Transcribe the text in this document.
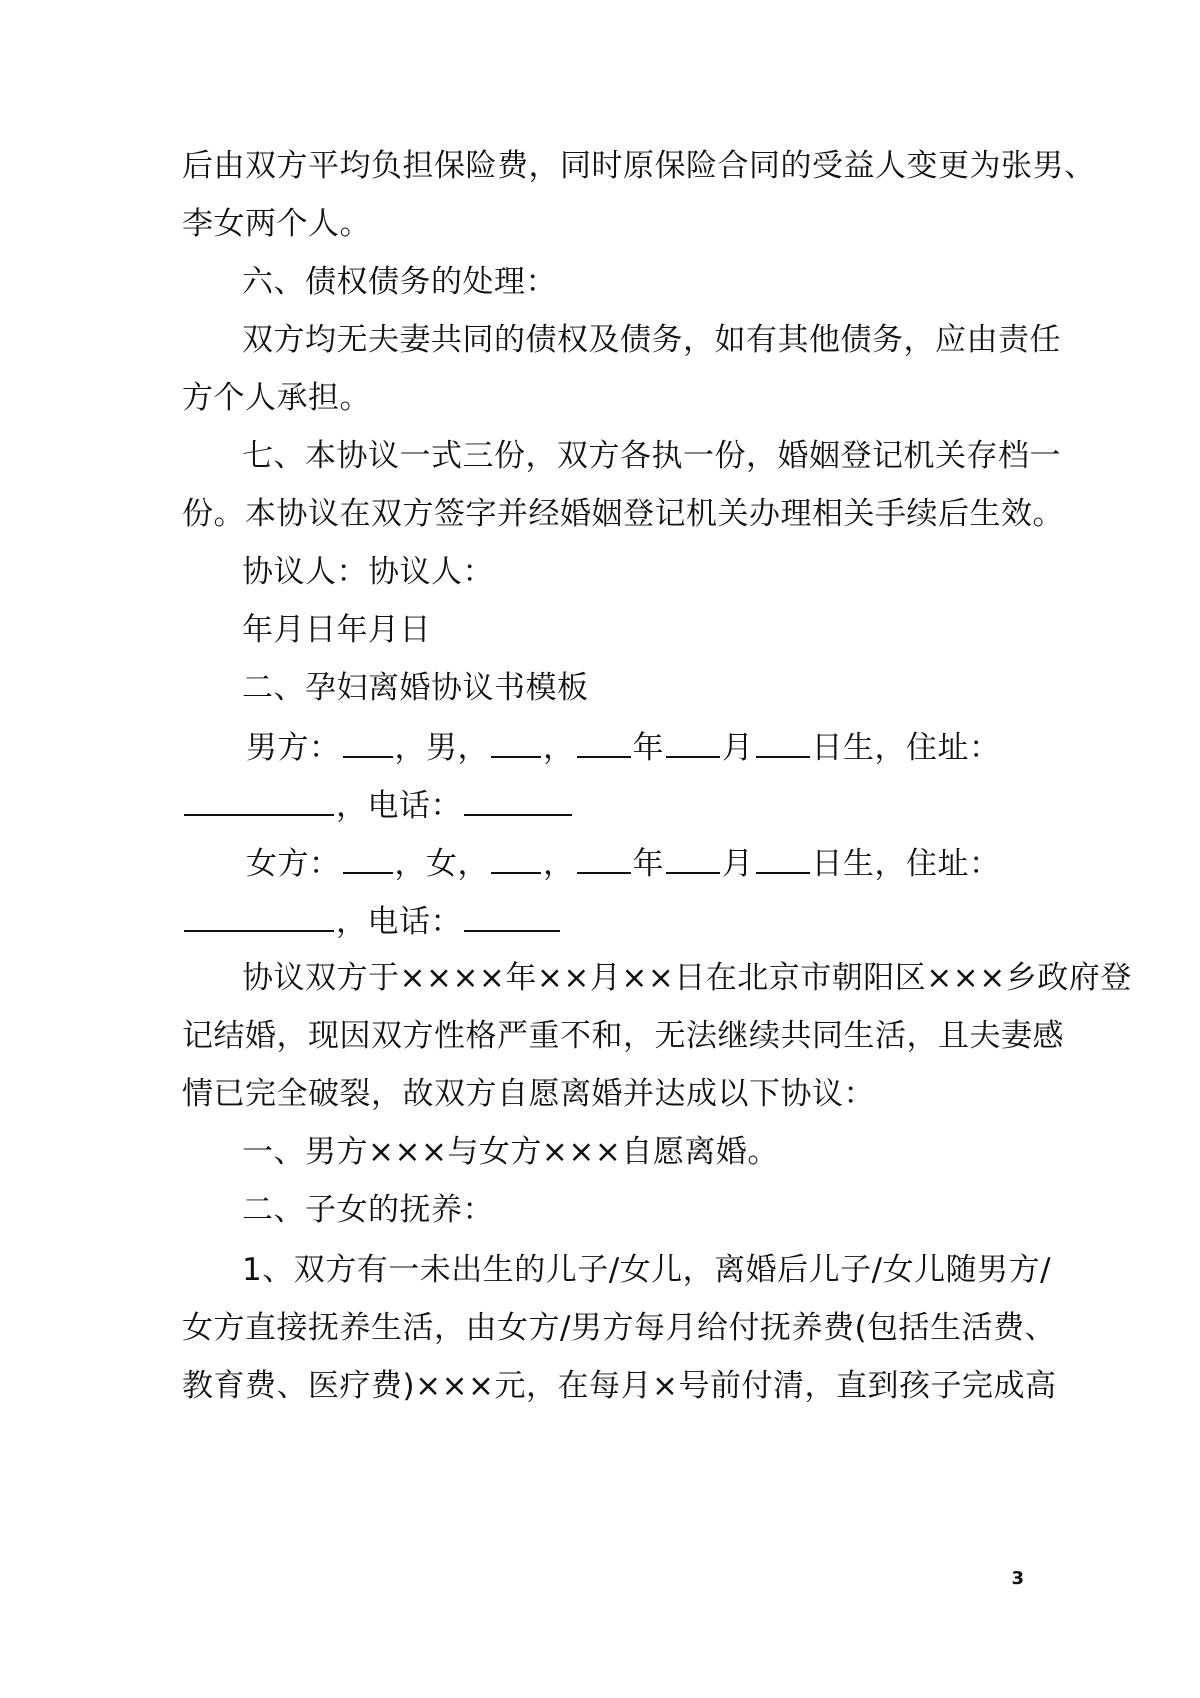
后由双方平均负担保险费，同时原保险合同的受益人变更为张男、
李女两个人。
六、债权债务的处理：
双方均无夫妻共同的债权及债务，如有其他债务，应由责任
方个人承担。
七、本协议一式三份，双方各执一份，婚姻登记机关存档一
份。本协议在双方签字并经婚姻登记机关办理相关手续后生效。
协议人：协议人：
年月日年月日
二、孕妇离婚协议书模板
男方： ，男， ， 年 月 日生，住址：
，电话：
女方： ，女， ， 年 月 日生，住址：
，电话：
协议双方于××××年××月××日在北京市朝阳区×××乡政府登
记结婚，现因双方性格严重不和，无法继续共同生活，且夫妻感
情已完全破裂，故双方自愿离婚并达成以下协议：
一、男方×××与女方×××自愿离婚。
二、子女的抚养：
1、双方有一未出生的儿子/女儿，离婚后儿子/女儿随男方/
女方直接抚养生活，由女方/男方每月给付抚养费(包括生活费、
教育费、医疗费)×××元，在每月×号前付清，直到孩子完成高
3
